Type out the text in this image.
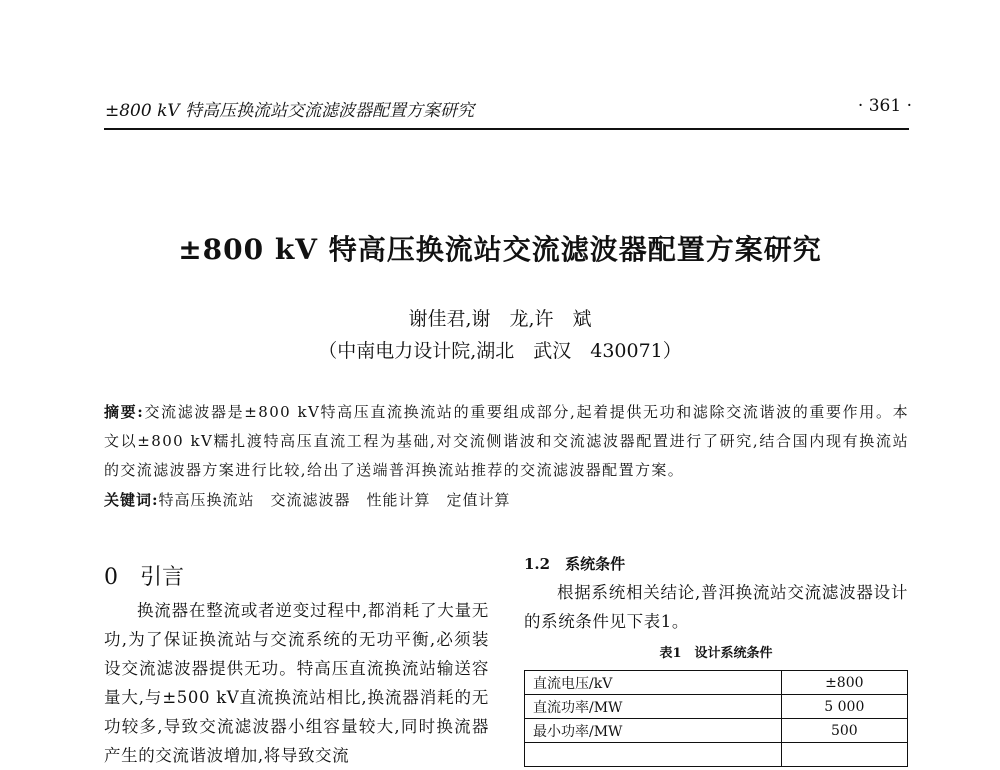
±800 kV 特高压换流站交流滤波器配置方案研究	· 361 ·
±800 kV 特高压换流站交流滤波器配置方案研究
谢佳君,谢　龙,许　斌
（中南电力设计院,湖北　武汉　430071）
摘要:交流滤波器是±800 kV特高压直流换流站的重要组成部分,起着提供无功和滤除交流谐波的重要作用。本文以±800 kV糯扎渡特高压直流工程为基础,对交流侧谐波和交流滤波器配置进行了研究,结合国内现有换流站的交流滤波器方案进行比较,给出了送端普洱换流站推荐的交流滤波器配置方案。
关键词:特高压换流站　交流滤波器　性能计算　定值计算
0　引言

换流器在整流或者逆变过程中,都消耗了大量无功,为了保证换流站与交流系统的无功平衡,必须装设交流滤波器提供无功。特高压直流换流站输送容量大,与±500 kV直流换流站相比,换流器消耗的无功较多,导致交流滤波器小组容量较大,同时换流器产生的交流谐波增加,将导致交流

1.2　系统条件

根据系统相关结论,普洱换流站交流滤波器设计的系统条件见下表1。

表1　设计系统条件
直流电压/kV	±800
直流功率/MW	5 000
最小功率/MW	500
